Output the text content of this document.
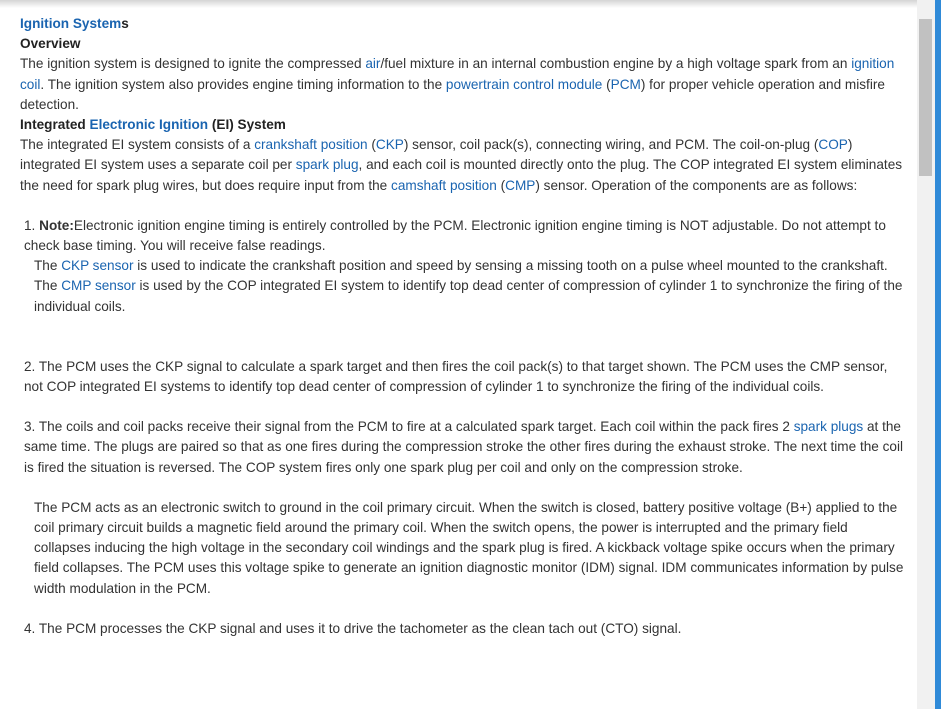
Ignition Systems

Overview

The ignition system is designed to ignite the compressed air/fuel mixture in an internal combustion engine by a high voltage spark from an ignition coil. The ignition system also provides engine timing information to the powertrain control module (PCM) for proper vehicle operation and misfire detection.

Integrated Electronic Ignition (EI) System

The integrated EI system consists of a crankshaft position (CKP) sensor, coil pack(s), connecting wiring, and PCM. The coil-on-plug (COP) integrated EI system uses a separate coil per spark plug, and each coil is mounted directly onto the plug. The COP integrated EI system eliminates the need for spark plug wires, but does require input from the camshaft position (CMP) sensor. Operation of the components are as follows:

1. Note:Electronic ignition engine timing is entirely controlled by the PCM. Electronic ignition engine timing is NOT adjustable. Do not attempt to check base timing. You will receive false readings.

The CKP sensor is used to indicate the crankshaft position and speed by sensing a missing tooth on a pulse wheel mounted to the crankshaft. The CMP sensor is used by the COP integrated EI system to identify top dead center of compression of cylinder 1 to synchronize the firing of the individual coils.

2. The PCM uses the CKP signal to calculate a spark target and then fires the coil pack(s) to that target shown. The PCM uses the CMP sensor, not COP integrated EI systems to identify top dead center of compression of cylinder 1 to synchronize the firing of the individual coils.

3. The coils and coil packs receive their signal from the PCM to fire at a calculated spark target. Each coil within the pack fires 2 spark plugs at the same time. The plugs are paired so that as one fires during the compression stroke the other fires during the exhaust stroke. The next time the coil is fired the situation is reversed. The COP system fires only one spark plug per coil and only on the compression stroke.

The PCM acts as an electronic switch to ground in the coil primary circuit. When the switch is closed, battery positive voltage (B+) applied to the coil primary circuit builds a magnetic field around the primary coil. When the switch opens, the power is interrupted and the primary field collapses inducing the high voltage in the secondary coil windings and the spark plug is fired. A kickback voltage spike occurs when the primary field collapses. The PCM uses this voltage spike to generate an ignition diagnostic monitor (IDM) signal. IDM communicates information by pulse width modulation in the PCM.

4. The PCM processes the CKP signal and uses it to drive the tachometer as the clean tach out (CTO) signal.
